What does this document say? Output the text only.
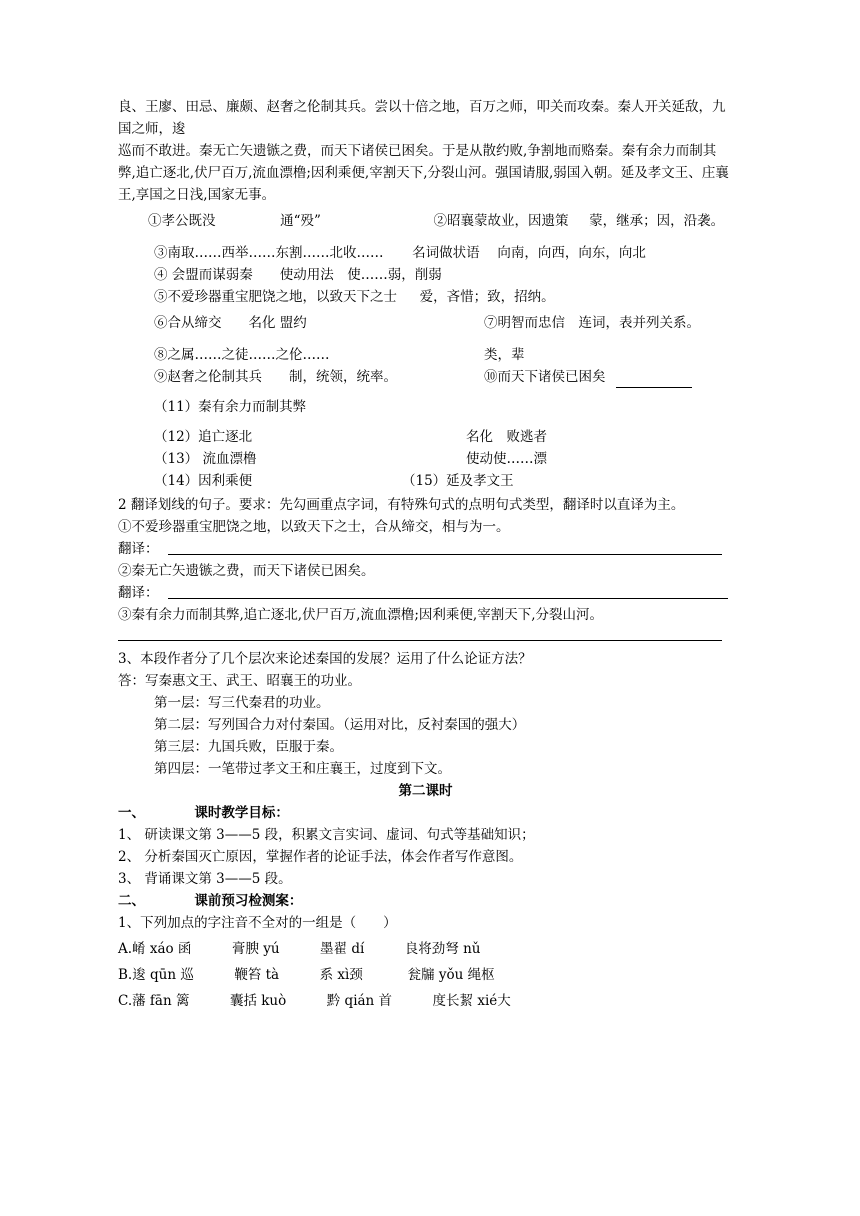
良、王廖、田忌、廉颇、赵奢之伦制其兵。尝以十倍之地，百万之师，叩关而攻秦。秦人开关延敌，九国之师，逡
巡而不敢进。秦无亡矢遗镞之费，而天下诸侯已困矣。于是从散约败,争割地而赂秦。秦有余力而制其
弊,追亡逐北,伏尸百万,流血漂橹;因利乘便,宰割天下,分裂山河。强国请服,弱国入朝。延及孝文王、庄襄王,享国之日浅,国家无事。
①孝公既没	通“殁”	②昭襄蒙故业，因遗策 蒙，继承；因，沿袭。
③南取……西举……东割……北收…… 名词做状语　 向南，向西，向东，向北
④ 会盟而谋弱秦　　使动用法　使……弱，削弱
⑤不爱珍器重宝肥饶之地，以致天下之士 爱，吝惜；致，招纳。
⑥合从缔交　　名化 盟约	⑦明智而忠信　连词，表并列关系。
⑧之属……之徒……之伦……	类，辈
⑨赵奢之伦制其兵　　制，统领，统率。	⑩而天下诸侯已困矣
（11）秦有余力而制其弊
（12）追亡逐北	名化　败逃者
（13） 流血漂橹	使动使……漂
（14）因利乘便	（15）延及孝文王
2 翻译划线的句子。要求：先勾画重点字词，有特殊句式的点明句式类型，翻译时以直译为主。
①不爱珍器重宝肥饶之地，以致天下之士，合从缔交，相与为一。
翻译：
②秦无亡矢遗镞之费，而天下诸侯已困矣。
翻译：
③秦有余力而制其弊,追亡逐北,伏尸百万,流血漂橹;因利乘便,宰割天下,分裂山河。
3、本段作者分了几个层次来论述秦国的发展？运用了什么论证方法？
答：写秦惠文王、武王、昭襄王的功业。
第一层：写三代秦君的功业。
第二层：写列国合力对付秦国。（运用对比，反衬秦国的强大）
第三层：九国兵败，臣服于秦。
第四层：一笔带过孝文王和庄襄王，过度到下文。
第二课时
一、	课时教学目标：
1、 研读课文第 3——5 段，积累文言实词、虚词、句式等基础知识；
2、 分析秦国灭亡原因，掌握作者的论证手法，体会作者写作意图。
3、 背诵课文第 3——5 段。
二、	课前预习检测案：
1、下列加点的字注音不全对的一组是（　　）
A.崤 xáo 函　　　膏腴 yú　　　墨翟 dí　　　良将劲弩 nǔ
B.逡 qūn 巡　　　鞭笞 tà　　　系 xì颈　　　 瓮牖 yǒu 绳枢
C.藩 fān 篱　　　囊括 kuò　　　黔 qián 首　　　度长絜 xié大
